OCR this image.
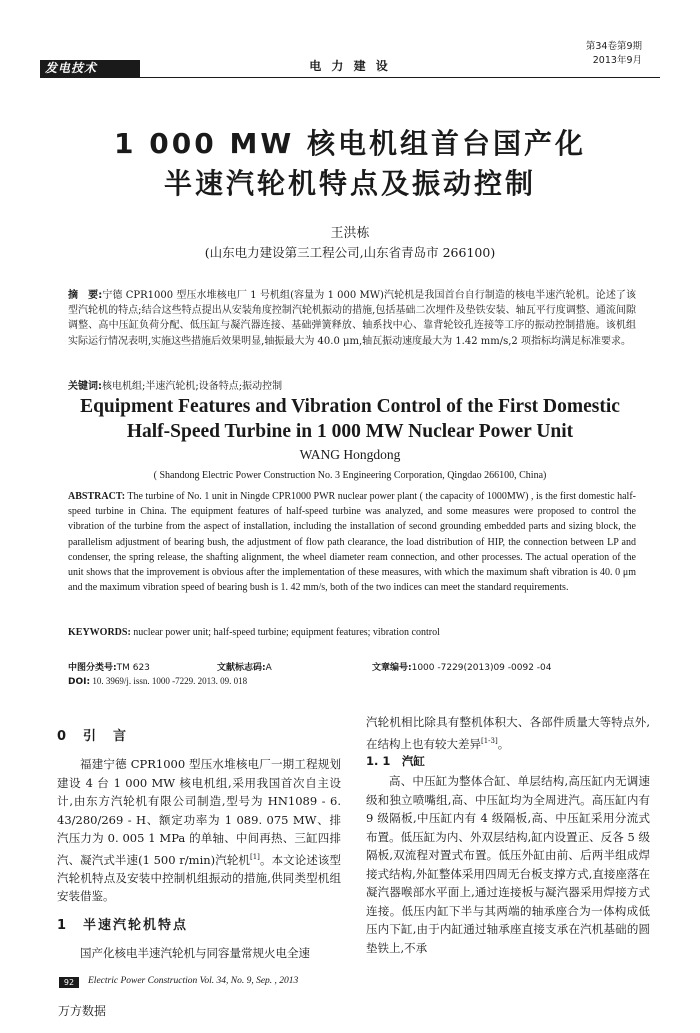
发电技术	电 力 建 设
第34卷第9期
2013年9月
1 000 MW 核电机组首台国产化
半速汽轮机特点及振动控制
王洪栋
(山东电力建设第三工程公司,山东省青岛市 266100)
摘　要:宁德 CPR1000 型压水堆核电厂 1 号机组(容量为 1 000 MW)汽轮机是我国首台自行制造的核电半速汽轮机。论述了该型汽轮机的特点;结合这些特点提出从安装角度控制汽轮机振动的措施,包括基础二次埋件及垫铁安装、轴瓦平行度调整、通流间隙调整、高中压缸负荷分配、低压缸与凝汽器连接、基础弹簧释放、轴系找中心、靠背轮铰孔连接等工序的振动控制措施。该机组实际运行情况表明,实施这些措施后效果明显,轴振最大为 40.0 μm,轴瓦振动速度最大为 1.42 mm/s,2 项指标均满足标准要求。
关键词:核电机组;半速汽轮机;设备特点;振动控制
Equipment Features and Vibration Control of the First Domestic
Half-Speed Turbine in 1 000 MW Nuclear Power Unit
WANG Hongdong
( Shandong Electric Power Construction No. 3 Engineering Corporation, Qingdao 266100, China)
ABSTRACT: The turbine of No. 1 unit in Ningde CPR1000 PWR nuclear power plant ( the capacity of 1000MW) , is the first domestic half-speed turbine in China. The equipment features of half-speed turbine was analyzed, and some measures were proposed to control the vibration of the turbine from the aspect of installation, including the installation of second grounding embedded parts and sizing block, the parallelism adjustment of bearing bush, the adjustment of flow path clearance, the load distribution of HIP, the connection between LP and condenser, the spring release, the shafting alignment, the wheel diameter ream connection, and other processes. The actual operation of the unit shows that the improvement is obvious after the implementation of these measures, with which the maximum shaft vibration is 40. 0 μm and the maximum vibration speed of bearing bush is 1. 42 mm/s, both of the two indices can meet the standard requirements.
KEYWORDS: nuclear power unit; half-speed turbine; equipment features; vibration control
中图分类号:TM 623	文献标志码:A	文章编号:1000 -7229(2013)09 -0092 -04
DOI: 10. 3969/j. issn. 1000 -7229. 2013. 09. 018
0　引　言
福建宁德 CPR1000 型压水堆核电厂一期工程规划建设 4 台 1 000 MW 核电机组,采用我国首次自主设计,由东方汽轮机有限公司制造,型号为 HN1089 - 6. 43/280/269 - H、额定功率为 1 089. 075 MW、排汽压力为 0. 005 1 MPa 的单轴、中间再热、三缸四排汽、凝汽式半速(1 500 r/min)汽轮机[1]。本文论述该型汽轮机特点及安装中控制机组振动的措施,供同类型机组安装借鉴。
1　半速汽轮机特点
国产化核电半速汽轮机与同容量常规火电全速
汽轮机相比除具有整机体积大、各部件质量大等特点外,在结构上也有较大差异[1-3]。
1. 1　汽缸
高、中压缸为整体合缸、单层结构,高压缸内无调速级和独立喷嘴组,高、中压缸均为全周进汽。高压缸内有 9 级隔板,中压缸内有 4 级隔板,高、中压缸采用分流式布置。低压缸为内、外双层结构,缸内设置正、反各 5 级隔板,双流程对置式布置。低压外缸由前、后两半组成焊接式结构,外缸整体采用四周无台板支撑方式,直接座落在凝汽器喉部水平面上,通过连接板与凝汽器采用焊接方式连接。低压内缸下半与其两端的轴承座合为一体构成低压内下缸,由于内缸通过轴承座直接支承在汽机基础的圆垫铁上,不承
92	Electric Power Construction Vol. 34, No. 9, Sep. , 2013
万方数据
